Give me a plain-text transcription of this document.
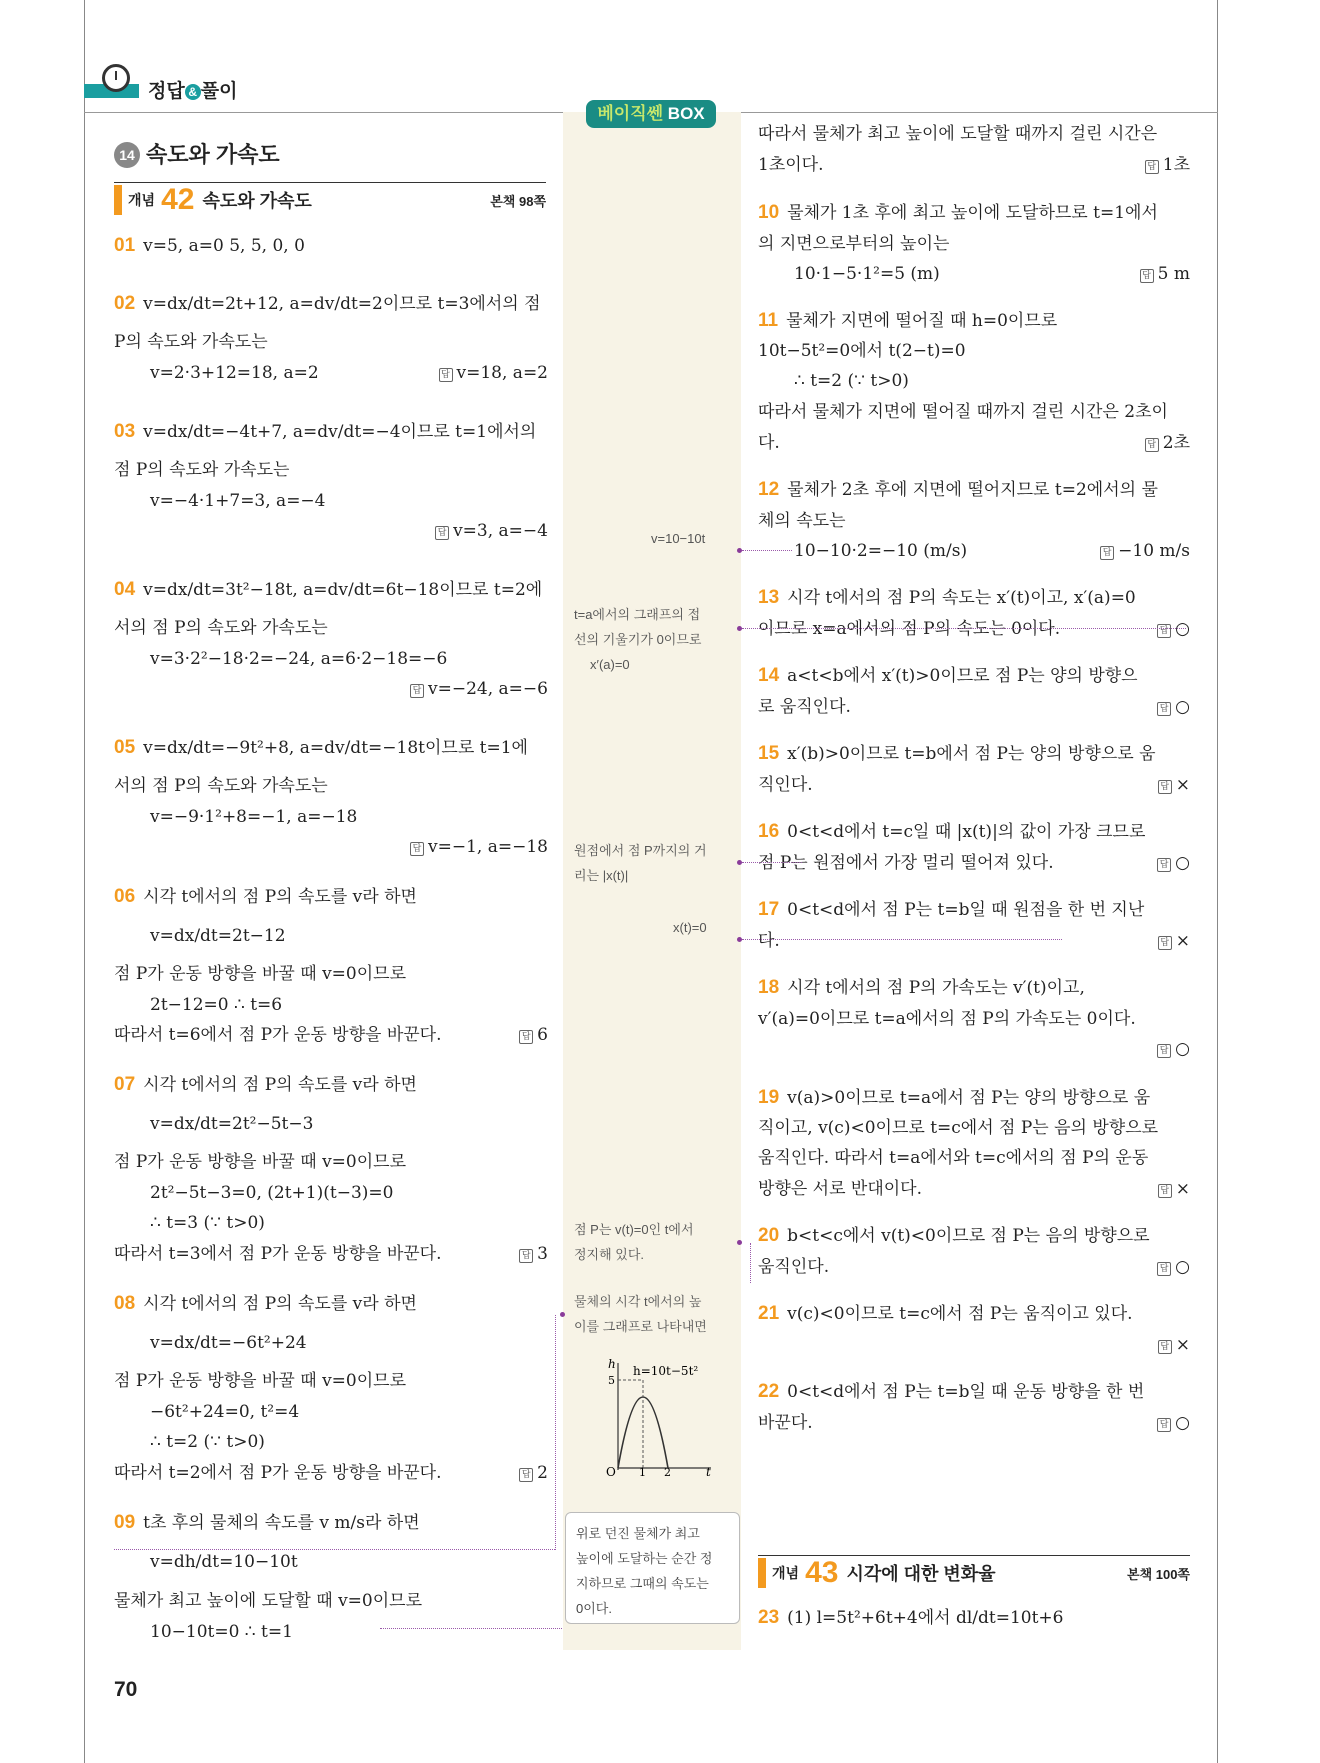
정답 & 풀이
베이직쎈 BOX
14 속도와 가속도
개념 42 속도와 가속도	본책 98쪽
개념 43 시각에 대한 변화율	본책 100쪽
01 v=5, a=0 5, 5, 0, 0
02 v=dx/dt=2t+12, a=dv/dt=2이므로 t=3에서의 점
P의 속도와 가속도는
v=2·3+12=18, a=2
03 v=dx/dt=−4t+7, a=dv/dt=−4이므로 t=1에서의
점 P의 속도와 가속도는
v=−4·1+7=3, a=−4
04 v=dx/dt=3t²−18t, a=dv/dt=6t−18이므로 t=2에
서의 점 P의 속도와 가속도는
v=3·2²−18·2=−24, a=6·2−18=−6
05 v=dx/dt=−9t²+8, a=dv/dt=−18t이므로 t=1에
서의 점 P의 속도와 가속도는
v=−9·1²+8=−1, a=−18
06 시각 t에서의 점 P의 속도를 v라 하면
v=dx/dt=2t−12
점 P가 운동 방향을 바꿀 때 v=0이므로
2t−12=0 ∴ t=6
따라서 t=6에서 점 P가 운동 방향을 바꾼다.
07 시각 t에서의 점 P의 속도를 v라 하면
v=dx/dt=2t²−5t−3
점 P가 운동 방향을 바꿀 때 v=0이므로
2t²−5t−3=0, (2t+1)(t−3)=0
∴ t=3 (∵ t>0)
따라서 t=3에서 점 P가 운동 방향을 바꾼다.
08 시각 t에서의 점 P의 속도를 v라 하면
v=dx/dt=−6t²+24
점 P가 운동 방향을 바꿀 때 v=0이므로
−6t²+24=0, t²=4
∴ t=2 (∵ t>0)
따라서 t=2에서 점 P가 운동 방향을 바꾼다.
09 t초 후의 물체의 속도를 v m/s라 하면
v=dh/dt=10−10t
물체가 최고 높이에 도달할 때 v=0이므로
10−10t=0 ∴ t=1
답 v=18, a=2
답 v=3, a=−4
답 v=−24, a=−6
답 v=−1, a=−18
답 6
답 3
답 2
따라서 물체가 최고 높이에 도달할 때까지 걸린 시간은
1초이다.
10 물체가 1초 후에 최고 높이에 도달하므로 t=1에서
의 지면으로부터의 높이는
10·1−5·1²=5 (m)
11 물체가 지면에 떨어질 때 h=0이므로
10t−5t²=0에서 t(2−t)=0
∴ t=2 (∵ t>0)
따라서 물체가 지면에 떨어질 때까지 걸린 시간은 2초이
다.
12 물체가 2초 후에 지면에 떨어지므로 t=2에서의 물
체의 속도는
10−10·2=−10 (m/s)
13 시각 t에서의 점 P의 속도는 x′(t)이고, x′(a)=0
이므로 x=a에서의 점 P의 속도는 0이다.
14 a<t<b에서 x′(t)>0이므로 점 P는 양의 방향으
로 움직인다.
15 x′(b)>0이므로 t=b에서 점 P는 양의 방향으로 움
직인다.
16 0<t<d에서 t=c일 때 |x(t)|의 값이 가장 크므로
점 P는 원점에서 가장 멀리 떨어져 있다.
17 0<t<d에서 점 P는 t=b일 때 원점을 한 번 지난
다.
18 시각 t에서의 점 P의 가속도는 v′(t)이고,
v′(a)=0이므로 t=a에서의 점 P의 가속도는 0이다.
19 v(a)>0이므로 t=a에서 점 P는 양의 방향으로 움
직이고, v(c)<0이므로 t=c에서 점 P는 음의 방향으로
움직인다. 따라서 t=a에서와 t=c에서의 점 P의 운동
방향은 서로 반대이다.
20 b<t<c에서 v(t)<0이므로 점 P는 음의 방향으로
움직인다.
21 v(c)<0이므로 t=c에서 점 P는 움직이고 있다.
22 0<t<d에서 점 P는 t=b일 때 운동 방향을 한 번
바꾼다.
23 (1) l=5t²+6t+4에서 dl/dt=10t+6
답 1초
답 5 m
답 2초
답 −10 m/s
답 ○
답 ○
답 ×
답 ○
답 ×
답 ○
답 ×
답 ○
답 ×
답 ○
v=10−10t
t=a에서의 그래프의 접
선의 기울기가 0이므로
x′(a)=0
원점에서 점 P까지의 거
리는 |x(t)|
x(t)=0
점 P는 v(t)=0인 t에서
정지해 있다.
물체의 시각 t에서의 높
이를 그래프로 나타내면
h h=10t−5t²
5
O 1 2	t
위로 던진 물체가 최고
높이에 도달하는 순간 정
지하므로 그때의 속도는
0이다.
70
